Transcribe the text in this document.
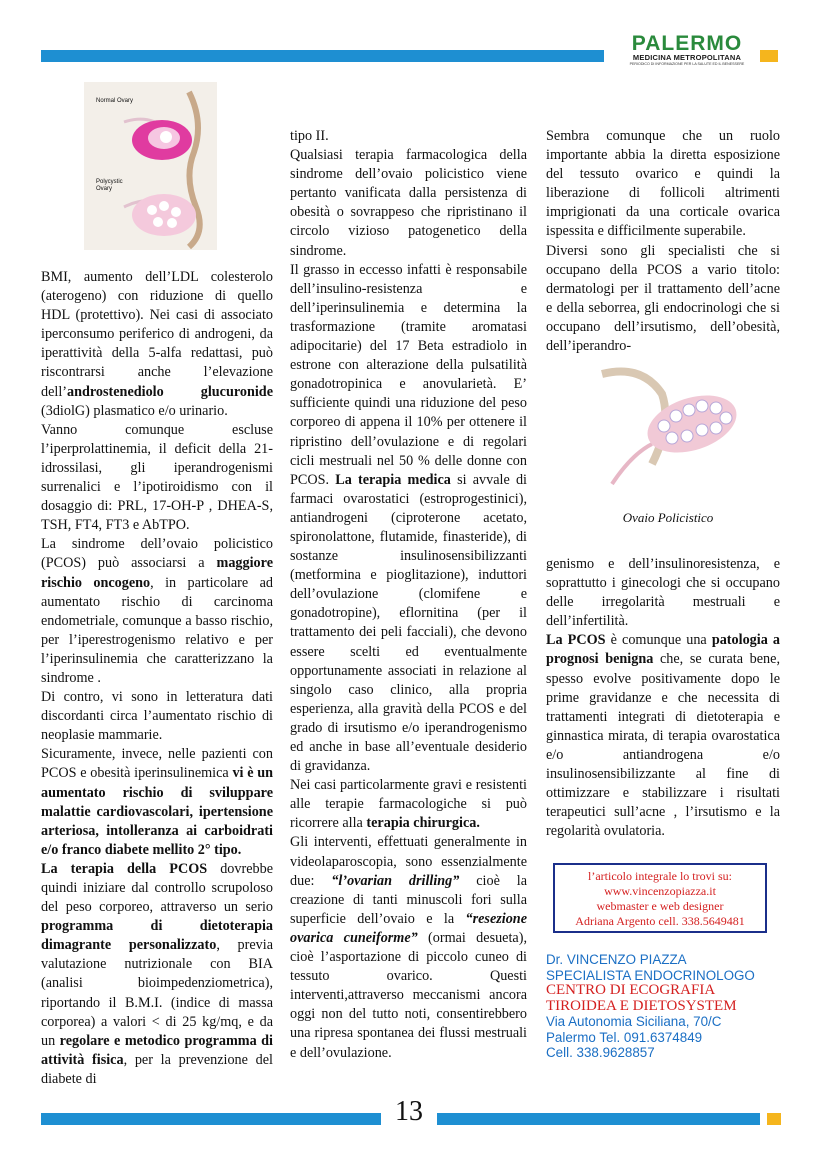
PALERMO
MEDICINA METROPOLITANA
PERIODICO DI INFORMAZIONE PER LA SALUTE ED IL BENESSERE
Normal Ovary
Polycystic Ovary

BMI, aumento dell’LDL colesterolo (aterogeno) con riduzione di quello HDL (protettivo). Nei casi di associato iperconsumo periferico di androgeni, da iperattività della 5-alfa redattasi, può riscontrarsi anche l’elevazione dell’androstenediolo glucuronide (3diolG) plasmatico e/o urinario.

Vanno comunque escluse l’iperprolattinemia, il deficit della 21-idrossilasi, gli iperandrogenismi surrenalici e l’ipotiroidismo con il dosaggio di: PRL, 17-OH-P , DHEA-S, TSH, FT4, FT3 e AbTPO.

La sindrome dell’ovaio policistico (PCOS) può associarsi a maggiore rischio oncogeno, in particolare ad aumentato rischio di carcinoma endometriale, comunque a basso rischio, per l’iperestrogenismo relativo e per l’iperinsulinemia che caratterizzano la sindrome .

Di contro, vi sono in letteratura dati discordanti circa l’aumentato rischio di neoplasie mammarie.

Sicuramente, invece, nelle pazienti con PCOS e obesità iperinsulinemica vi è un aumentato rischio di sviluppare malattie cardiovascolari, ipertensione arteriosa, intolleranza ai carboidrati e/o franco diabete mellito 2° tipo.

La terapia della PCOS dovrebbe quindi iniziare dal controllo scrupoloso del peso corporeo, attraverso un serio programma di dietoterapia dimagrante personalizzato, previa valutazione nutrizionale con BIA (analisi bioimpedenziometrica), riportando il B.M.I. (indice di massa corporea) a valori < di 25 kg/mq, e da un regolare e metodico programma di attività fisica, per la prevenzione del diabete di

tipo II.

Qualsiasi terapia farmacologica della sindrome dell’ovaio policistico viene pertanto vanificata dalla persistenza di obesità o sovrappeso che ripristinano il circolo vizioso patogenetico della sindrome.

Il grasso in eccesso infatti è responsabile dell’insulino-resistenza e dell’iperinsulinemia e determina la trasformazione (tramite aromatasi adipocitarie) del 17 Beta estradiolo in estrone con alterazione della pulsatilità gonadotropinica e anovularietà. E’ sufficiente quindi una riduzione del peso corporeo di appena il 10% per ottenere il ripristino dell’ovulazione e di regolari cicli mestruali nel 50 % delle donne con PCOS. La terapia medica si avvale di farmaci ovarostatici (estroprogestinici), antiandrogeni (ciproterone acetato, spironolattone, flutamide, finasteride), di sostanze insulinosensibilizzanti (metformina e pioglitazione), induttori dell’ovulazione (clomifene e gonadotropine), eflornitina (per il trattamento dei peli facciali), che devono essere scelti ed eventualmente opportunamente associati in relazione al singolo caso clinico, alla propria esperienza, alla gravità della PCOS e del grado di irsutismo e/o iperandrogenismo ed anche in base all’eventuale desiderio di gravidanza.

Nei casi particolarmente gravi e resistenti alle terapie farmacologiche si può ricorrere alla terapia chirurgica.

Gli interventi, effettuati generalmente in videolaparoscopia, sono essenzialmente due: “l’ovarian drilling” cioè la creazione di tanti minuscoli fori sulla superficie dell’ovaio e la “resezione ovarica cuneiforme” (ormai desueta), cioè l’asportazione di piccolo cuneo di tessuto ovarico. Questi interventi,attraverso meccanismi ancora oggi non del tutto noti, consentirebbero una ripresa spontanea dei flussi mestruali e dell’ovulazione.

Sembra comunque che un ruolo importante abbia la diretta esposizione del tessuto ovarico e quindi la liberazione di follicoli altrimenti imprigionati da una corticale ovarica ispessita e difficilmente superabile.

Diversi sono gli specialisti che si occupano della PCOS a vario titolo: dermatologi per il trattamento dell’acne e della seborrea, gli endocrinologi che si occupano dell’irsutismo, dell’obesità, dell’iperandro-

Ovaio Policistico

genismo e dell’insulinoresistenza, e soprattutto i ginecologi che si occupano delle irregolarità mestruali e dell’infertilità.

La PCOS è comunque una patologia a prognosi benigna che, se curata bene, spesso evolve positivamente dopo le prime gravidanze e che necessita di trattamenti integrati di dietoterapia e ginnastica mirata, di terapia ovarostatica e/o antiandrogena e/o insulinosensibilizzante al fine di ottimizzare e stabilizzare i risultati terapeutici sull’acne , l’irsutismo e la regolarità ovulatoria.

l’articolo integrale lo trovi su:
www.vincenzopiazza.it
webmaster e web designer
Adriana Argento cell. 338.5649481
Dr. VINCENZO PIAZZA
SPECIALISTA ENDOCRINOLOGO
CENTRO DI ECOGRAFIA
TIROIDEA E DIETOSYSTEM
Via Autonomia Siciliana, 70/C
Palermo Tel. 091.6374849
Cell. 338.9628857
13
